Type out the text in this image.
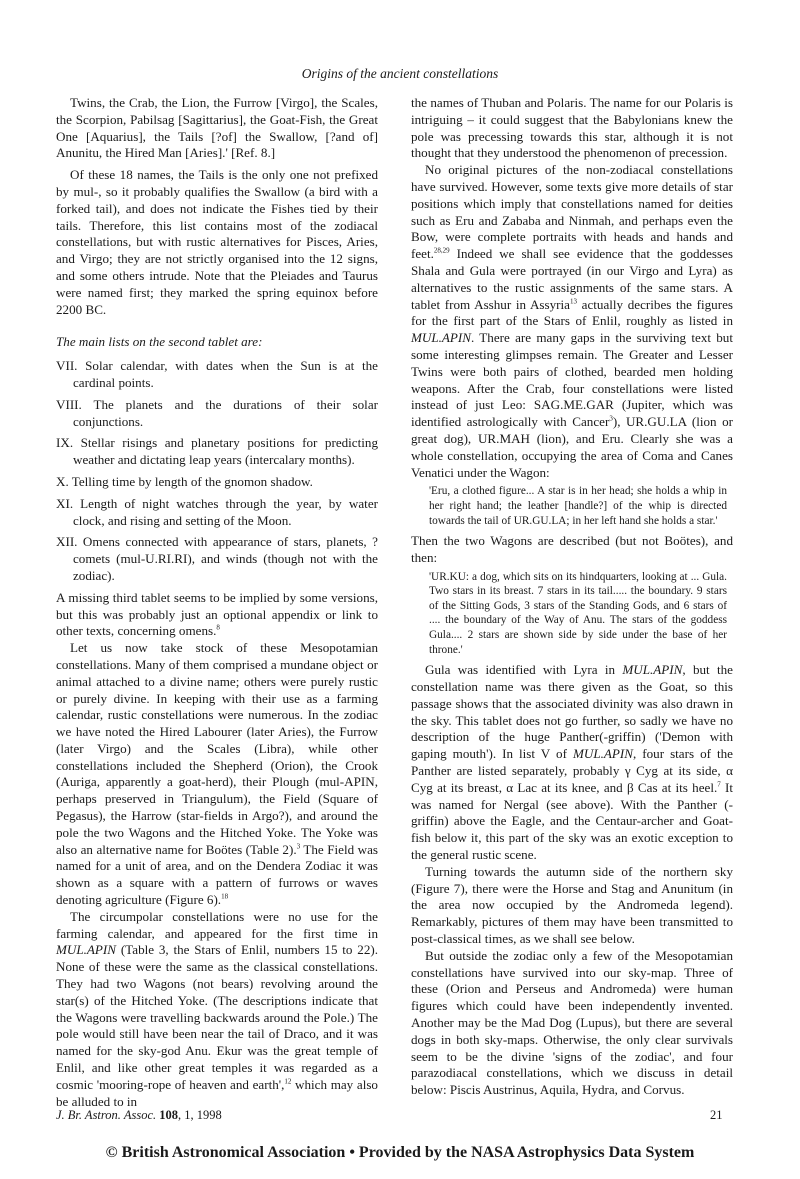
Origins of the ancient constellations

Twins, the Crab, the Lion, the Furrow [Virgo], the Scales, the Scorpion, Pabilsag [Sagittarius], the Goat-Fish, the Great One [Aquarius], the Tails [?of] the Swallow, [?and of] Anunitu, the Hired Man [Aries].' [Ref. 8.]

Of these 18 names, the Tails is the only one not prefixed by mul-, so it probably qualifies the Swallow (a bird with a forked tail), and does not indicate the Fishes tied by their tails. Therefore, this list contains most of the zodiacal constellations, but with rustic alternatives for Pisces, Aries, and Virgo; they are not strictly organised into the 12 signs, and some others intrude. Note that the Pleiades and Taurus were named first; they marked the spring equinox before 2200 BC.

The main lists on the second tablet are:

VII. Solar calendar, with dates when the Sun is at the cardinal points.

VIII. The planets and the durations of their solar conjunctions.

IX. Stellar risings and planetary positions for predicting weather and dictating leap years (intercalary months).

X. Telling time by length of the gnomon shadow.

XI. Length of night watches through the year, by water clock, and rising and setting of the Moon.

XII. Omens connected with appearance of stars, planets, ?comets (mul-U.RI.RI), and winds (though not with the zodiac).

A missing third tablet seems to be implied by some versions, but this was probably just an optional appendix or link to other texts, concerning omens.$^8$

Let us now take stock of these Mesopotamian constellations. Many of them comprised a mundane object or animal attached to a divine name; others were purely rustic or purely divine. In keeping with their use as a farming calendar, rustic constellations were numerous. In the zodiac we have noted the Hired Labourer (later Aries), the Furrow (later Virgo) and the Scales (Libra), while other constellations included the Shepherd (Orion), the Crook (Auriga, apparently a goat-herd), their Plough (mul-APIN, perhaps preserved in Triangulum), the Field (Square of Pegasus), the Harrow (star-fields in Argo?), and around the pole the two Wagons and the Hitched Yoke. The Yoke was also an alternative name for Boötes (Table 2).$^3$ The Field was named for a unit of area, and on the Dendera Zodiac it was shown as a square with a pattern of furrows or waves denoting agriculture (Figure 6).$^{18}$

The circumpolar constellations were no use for the farming calendar, and appeared for the first time in MUL.APIN (Table 3, the Stars of Enlil, numbers 15 to 22). None of these were the same as the classical constellations. They had two Wagons (not bears) revolving around the star(s) of the Hitched Yoke. (The descriptions indicate that the Wagons were travelling backwards around the Pole.) The pole would still have been near the tail of Draco, and it was named for the sky-god Anu. Ekur was the great temple of Enlil, and like other great temples it was regarded as a cosmic 'mooring-rope of heaven and earth',$^{12}$ which may also be alluded to in

the names of Thuban and Polaris. The name for our Polaris is intriguing – it could suggest that the Babylonians knew the pole was precessing towards this star, although it is not thought that they understood the phenomenon of precession.

No original pictures of the non-zodiacal constellations have survived. However, some texts give more details of star positions which imply that constellations named for deities such as Eru and Zababa and Ninmah, and perhaps even the Bow, were complete portraits with heads and hands and feet.$^{28,29}$ Indeed we shall see evidence that the goddesses Shala and Gula were portrayed (in our Virgo and Lyra) as alternatives to the rustic assignments of the same stars. A tablet from Asshur in Assyria$^{13}$ actually decribes the figures for the first part of the Stars of Enlil, roughly as listed in MUL.APIN. There are many gaps in the surviving text but some interesting glimpses remain. The Greater and Lesser Twins were both pairs of clothed, bearded men holding weapons. After the Crab, four constellations were listed instead of just Leo: SAG.ME.GAR (Jupiter, which was identified astrologically with Cancer$^3$), UR.GU.LA (lion or great dog), UR.MAH (lion), and Eru. Clearly she was a whole constellation, occupying the area of Coma and Canes Venatici under the Wagon:

'Eru, a clothed figure... A star is in her head; she holds a whip in her right hand; the leather [handle?] of the whip is directed towards the tail of UR.GU.LA; in her left hand she holds a star.'

Then the two Wagons are described (but not Boötes), and then:

'UR.KU: a dog, which sits on its hindquarters, looking at ... Gula. Two stars in its breast. 7 stars in its tail..... the boundary. 9 stars of the Sitting Gods, 3 stars of the Standing Gods, and 6 stars of .... the boundary of the Way of Anu. The stars of the goddess Gula.... 2 stars are shown side by side under the base of her throne.'

Gula was identified with Lyra in MUL.APIN, but the constellation name was there given as the Goat, so this passage shows that the associated divinity was also drawn in the sky. This tablet does not go further, so sadly we have no description of the huge Panther(-griffin) ('Demon with gaping mouth'). In list V of MUL.APIN, four stars of the Panther are listed separately, probably γ Cyg at its side, α Cyg at its breast, α Lac at its knee, and β Cas at its heel.$^7$ It was named for Nergal (see above). With the Panther (-griffin) above the Eagle, and the Centaur-archer and Goat-fish below it, this part of the sky was an exotic exception to the general rustic scene.

Turning towards the autumn side of the northern sky (Figure 7), there were the Horse and Stag and Anunitum (in the area now occupied by the Andromeda legend). Remarkably, pictures of them may have been transmitted to post-classical times, as we shall see below.

But outside the zodiac only a few of the Mesopotamian constellations have survived into our sky-map. Three of these (Orion and Perseus and Andromeda) were human figures which could have been independently invented. Another may be the Mad Dog (Lupus), but there are several dogs in both sky-maps. Otherwise, the only clear survivals seem to be the divine 'signs of the zodiac', and four parazodiacal constellations, which we discuss in detail below: Piscis Austrinus, Aquila, Hydra, and Corvus.

J. Br. Astron. Assoc. 108, 1, 1998	21
© British Astronomical Association • Provided by the NASA Astrophysics Data System
